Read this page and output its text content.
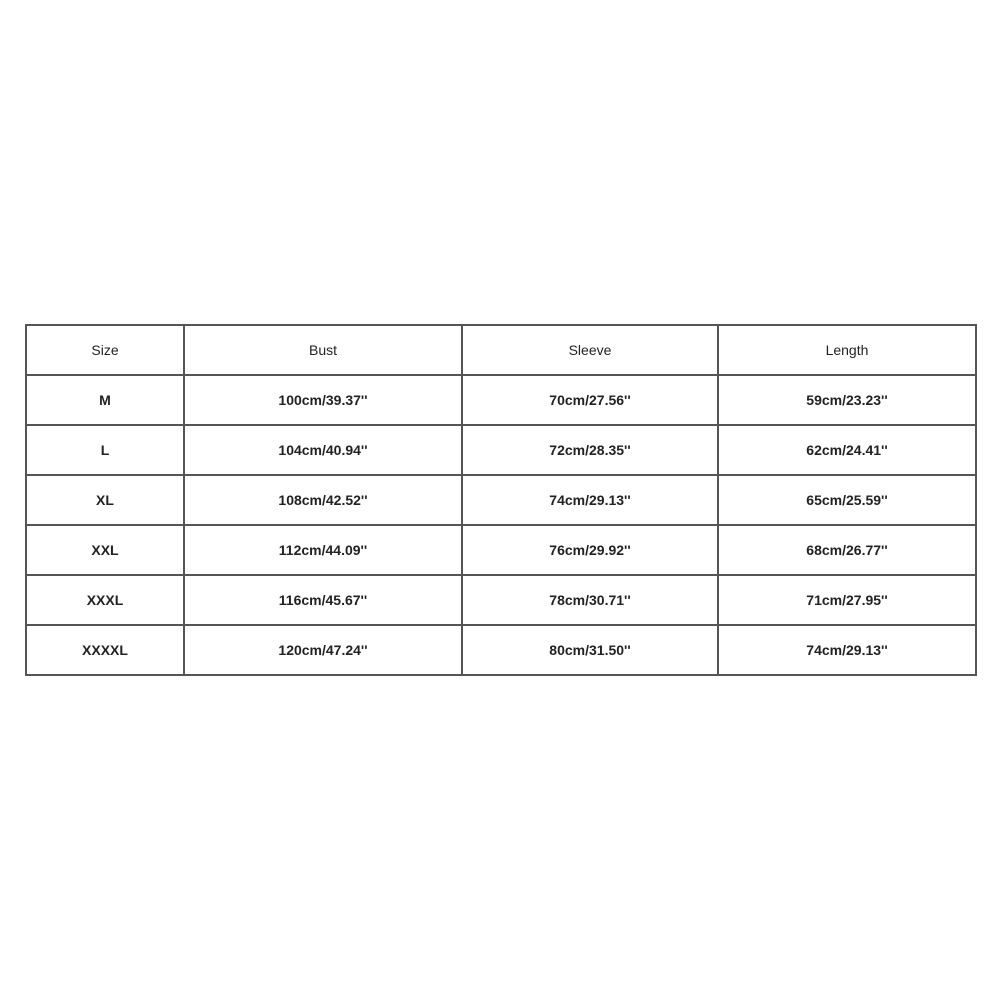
Size	Bust	Sleeve	Length
M	100cm/39.37''	70cm/27.56''	59cm/23.23''
L	104cm/40.94''	72cm/28.35''	62cm/24.41''
XL	108cm/42.52''	74cm/29.13''	65cm/25.59''
XXL	112cm/44.09''	76cm/29.92''	68cm/26.77''
XXXL	116cm/45.67''	78cm/30.71''	71cm/27.95''
XXXXL	120cm/47.24''	80cm/31.50''	74cm/29.13''
